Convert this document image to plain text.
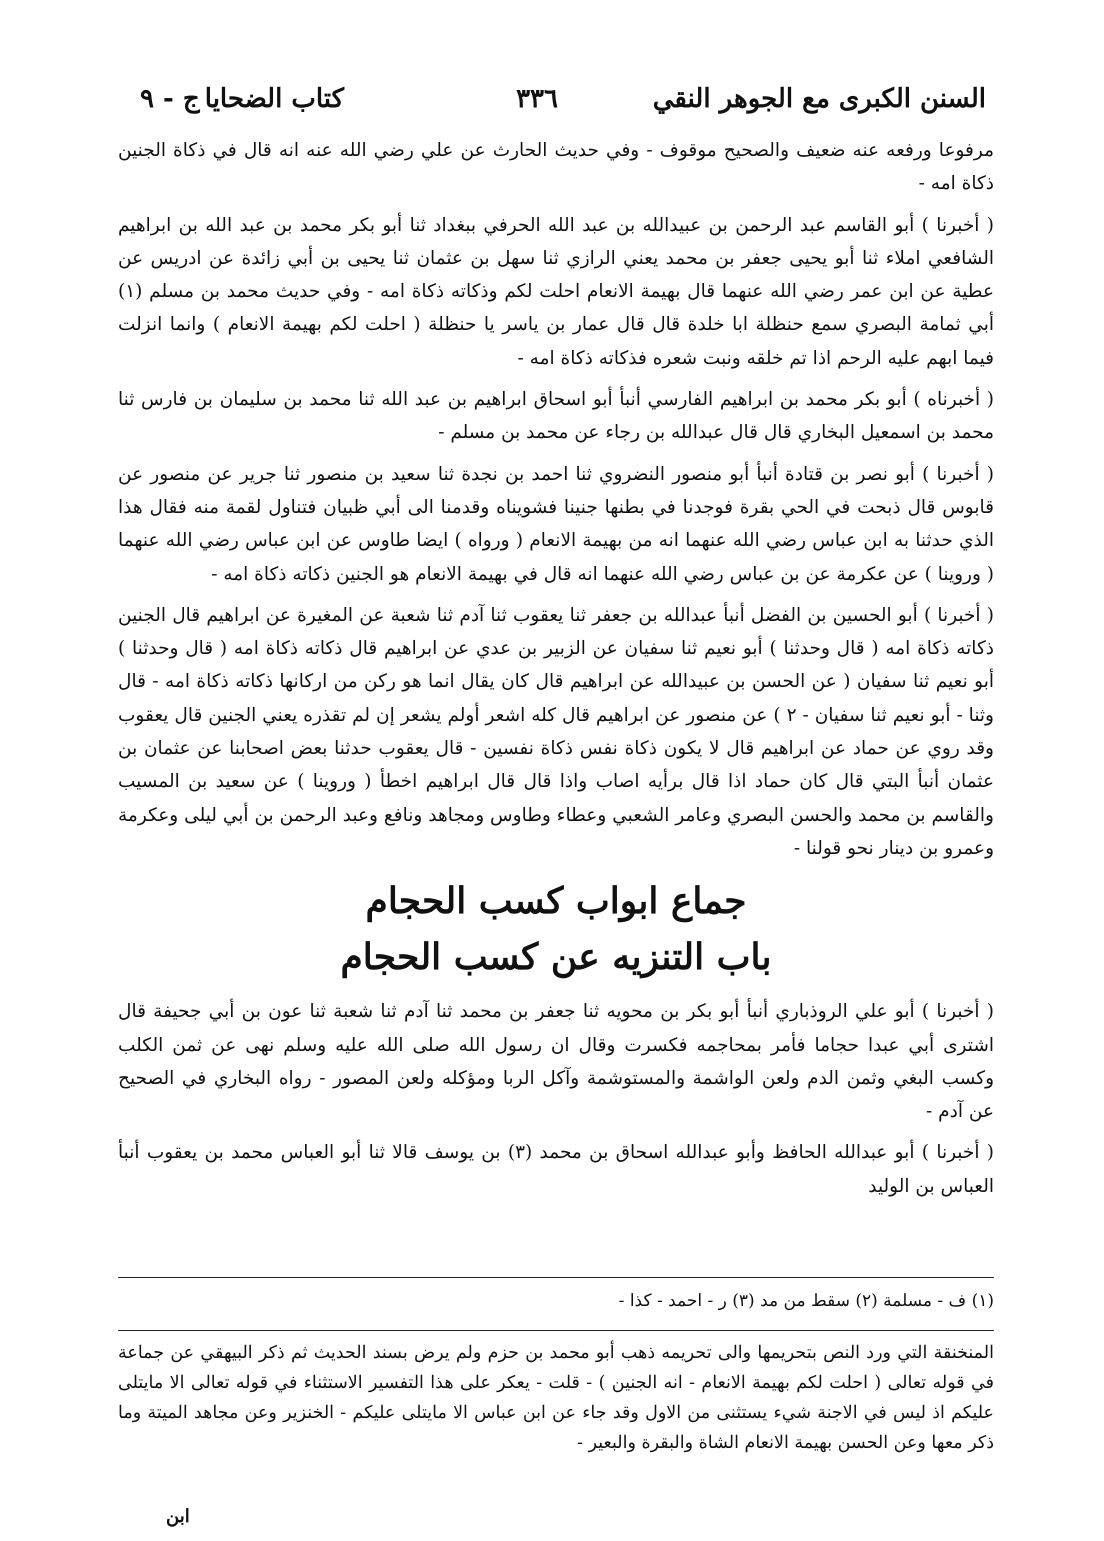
السنن الكبرى مع الجوهر النقي
٣٣٦
كتاب الضحايا
ج - ٩

مرفوعا ورفعه عنه ضعيف والصحيح موقوف - وفي حديث الحارث عن علي رضي الله عنه انه قال في ذكاة الجنين ذكاة امه -

( أخبرنا ) أبو القاسم عبد الرحمن بن عبيدالله بن عبد الله الحرفي ببغداد ثنا أبو بكر محمد بن عبد الله بن ابراهيم الشافعي املاء ثنا أبو يحيى جعفر بن محمد يعني الرازي ثنا سهل بن عثمان ثنا يحيى بن أبي زائدة عن ادريس عن عطية عن ابن عمر رضي الله عنهما قال بهيمة الانعام احلت لكم وذكاته ذكاة امه - وفي حديث محمد بن مسلم (١) أبي ثمامة البصري سمع حنظلة ابا خلدة قال قال عمار بن ياسر يا حنظلة ( احلت لكم بهيمة الانعام ) وانما انزلت فيما ابهم عليه الرحم اذا تم خلقه ونبت شعره فذكاته ذكاة امه -

( أخبرناه ) أبو بكر محمد بن ابراهيم الفارسي أنبأ أبو اسحاق ابراهيم بن عبد الله ثنا محمد بن سليمان بن فارس ثنا محمد بن اسمعيل البخاري قال قال عبدالله بن رجاء عن محمد بن مسلم -

( أخبرنا ) أبو نصر بن قتادة أنبأ أبو منصور النضروي ثنا احمد بن نجدة ثنا سعيد بن منصور ثنا جرير عن منصور عن قابوس قال ذبحت في الحي بقرة فوجدنا في بطنها جنينا فشويناه وقدمنا الى أبي ظبيان فتناول لقمة منه فقال هذا الذي حدثنا به ابن عباس رضي الله عنهما انه من بهيمة الانعام ( ورواه ) ايضا طاوس عن ابن عباس رضي الله عنهما ( وروينا ) عن عكرمة عن بن عباس رضي الله عنهما انه قال في بهيمة الانعام هو الجنين ذكاته ذكاة امه -

( أخبرنا ) أبو الحسين بن الفضل أنبأ عبدالله بن جعفر ثنا يعقوب ثنا آدم ثنا شعبة عن المغيرة عن ابراهيم قال الجنين ذكاته ذكاة امه ( قال وحدثنا ) أبو نعيم ثنا سفيان عن الزبير بن عدي عن ابراهيم قال ذكاته ذكاة امه ( قال وحدثنا ) أبو نعيم ثنا سفيان ( عن الحسن بن عبيدالله عن ابراهيم قال كان يقال انما هو ركن من اركانها ذكاته ذكاة امه - قال وثنا - أبو نعيم ثنا سفيان - ٢ ) عن منصور عن ابراهيم قال كله اشعر أولم يشعر إن لم تقذره يعني الجنين قال يعقوب وقد روي عن حماد عن ابراهيم قال لا يكون ذكاة نفس ذكاة نفسين - قال يعقوب حدثنا بعض اصحابنا عن عثمان بن عثمان أنبأ البتي قال كان حماد اذا قال برأيه اصاب واذا قال قال ابراهيم اخطأ ( وروينا ) عن سعيد بن المسيب والقاسم بن محمد والحسن البصري وعامر الشعبي وعطاء وطاوس ومجاهد ونافع وعبد الرحمن بن أبي ليلى وعكرمة وعمرو بن دينار نحو قولنا -

جماع ابواب كسب الحجام
باب التنزيه عن كسب الحجام

( أخبرنا ) أبو علي الروذباري أنبأ أبو بكر بن محويه ثنا جعفر بن محمد ثنا آدم ثنا شعبة ثنا عون بن أبي جحيفة قال اشترى أبي عبدا حجاما فأمر بمحاجمه فكسرت وقال ان رسول الله صلى الله عليه وسلم نهى عن ثمن الكلب وكسب البغي وثمن الدم ولعن الواشمة والمستوشمة وآكل الربا ومؤكله ولعن المصور - رواه البخاري في الصحيح عن آدم -

( أخبرنا ) أبو عبدالله الحافظ وأبو عبدالله اسحاق بن محمد (٣) بن يوسف قالا ثنا أبو العباس محمد بن يعقوب أنبأ العباس بن الوليد

(١) ف - مسلمة (٢) سقط من مد (٣) ر - احمد - كذا -
المنخنقة التي ورد النص بتحريمها والى تحريمه ذهب أبو محمد بن حزم ولم يرض بسند الحديث ثم ذكر البيهقي عن جماعة في قوله تعالى ( احلت لكم بهيمة الانعام - انه الجنين ) - قلت - يعكر على هذا التفسير الاستثناء في قوله تعالى الا مايتلى عليكم اذ ليس في الاجنة شيء يستثنى من الاول وقد جاء عن ابن عباس الا مايتلى عليكم - الخنزير وعن مجاهد الميتة وما ذكر معها وعن الحسن بهيمة الانعام الشاة والبقرة والبعير -
ابن
